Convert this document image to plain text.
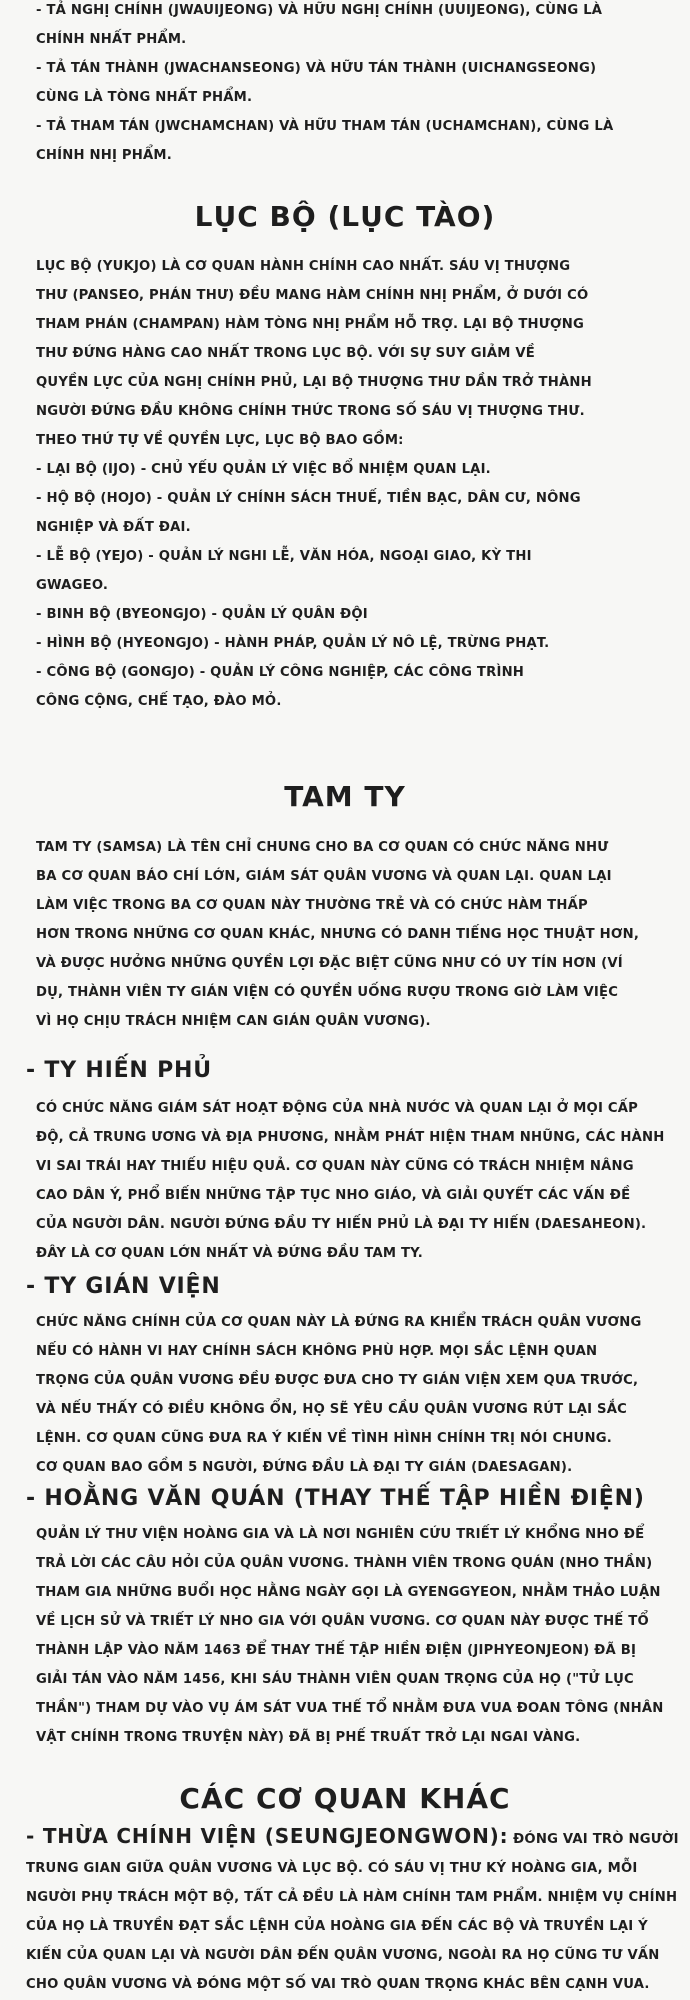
- TẢ NGHỊ CHÍNH (JWAUIJEONG) VÀ HỮU NGHỊ CHÍNH (UUIJEONG), CÙNG LÀ
CHÍNH NHẤT PHẨM.
- TẢ TÁN THÀNH (JWACHANSEONG) VÀ HỮU TÁN THÀNH (UICHANGSEONG)
CÙNG LÀ TÒNG NHẤT PHẨM.
- TẢ THAM TÁN (JWCHAMCHAN) VÀ HỮU THAM TÁN (UCHAMCHAN), CÙNG LÀ
CHÍNH NHỊ PHẨM.
LỤC BỘ (LỤC TÀO)
LỤC BỘ (YUKJO) LÀ CƠ QUAN HÀNH CHÍNH CAO NHẤT. SÁU VỊ THƯỢNG
THƯ (PANSEO, PHÁN THƯ) ĐỀU MANG HÀM CHÍNH NHỊ PHẨM, Ở DƯỚI CÓ
THAM PHÁN (CHAMPAN) HÀM TÒNG NHỊ PHẨM HỖ TRỢ. LẠI BỘ THƯỢNG
THƯ ĐỨNG HÀNG CAO NHẤT TRONG LỤC BỘ. VỚI SỰ SUY GIẢM VỀ
QUYỀN LỰC CỦA NGHỊ CHÍNH PHỦ, LẠI BỘ THƯỢNG THƯ DẦN TRỞ THÀNH
NGƯỜI ĐỨNG ĐẦU KHÔNG CHÍNH THỨC TRONG SỐ SÁU VỊ THƯỢNG THƯ.
THEO THỨ TỰ VỀ QUYỀN LỰC, LỤC BỘ BAO GỒM:
- LẠI BỘ (IJO) - CHỦ YẾU QUẢN LÝ VIỆC BỔ NHIỆM QUAN LẠI.
- HỘ BỘ (HOJO) - QUẢN LÝ CHÍNH SÁCH THUẾ, TIỀN BẠC, DÂN CƯ, NÔNG
NGHIỆP VÀ ĐẤT ĐAI.
- LỄ BỘ (YEJO) - QUẢN LÝ NGHI LỄ, VĂN HÓA, NGOẠI GIAO, KỲ THI
GWAGEO.
- BINH BỘ (BYEONGJO) - QUẢN LÝ QUÂN ĐỘI
- HÌNH BỘ (HYEONGJO) - HÀNH PHÁP, QUẢN LÝ NÔ LỆ, TRỪNG PHẠT.
- CÔNG BỘ (GONGJO) - QUẢN LÝ CÔNG NGHIỆP, CÁC CÔNG TRÌNH
CÔNG CỘNG, CHẾ TẠO, ĐÀO MỎ.
TAM TY
TAM TY (SAMSA) LÀ TÊN CHỈ CHUNG CHO BA CƠ QUAN CÓ CHỨC NĂNG NHƯ
BA CƠ QUAN BÁO CHÍ LỚN, GIÁM SÁT QUÂN VƯƠNG VÀ QUAN LẠI. QUAN LẠI
LÀM VIỆC TRONG BA CƠ QUAN NÀY THƯỜNG TRẺ VÀ CÓ CHỨC HÀM THẤP
HƠN TRONG NHỮNG CƠ QUAN KHÁC, NHƯNG CÓ DANH TIẾNG HỌC THUẬT HƠN,
VÀ ĐƯỢC HƯỞNG NHỮNG QUYỀN LỢI ĐẶC BIỆT CŨNG NHƯ CÓ UY TÍN HƠN (VÍ
DỤ, THÀNH VIÊN TY GIÁN VIỆN CÓ QUYỀN UỐNG RƯỢU TRONG GIỜ LÀM VIỆC
VÌ HỌ CHỊU TRÁCH NHIỆM CAN GIÁN QUÂN VƯƠNG).
- TY HIẾN PHỦ
CÓ CHỨC NĂNG GIÁM SÁT HOẠT ĐỘNG CỦA NHÀ NƯỚC VÀ QUAN LẠI Ở MỌI CẤP
ĐỘ, CẢ TRUNG ƯƠNG VÀ ĐỊA PHƯƠNG, NHẰM PHÁT HIỆN THAM NHŨNG, CÁC HÀNH
VI SAI TRÁI HAY THIẾU HIỆU QUẢ. CƠ QUAN NÀY CŨNG CÓ TRÁCH NHIỆM NÂNG
CAO DÂN Ý, PHỔ BIẾN NHỮNG TẬP TỤC NHO GIÁO, VÀ GIẢI QUYẾT CÁC VẤN ĐỀ
CỦA NGƯỜI DÂN. NGƯỜI ĐỨNG ĐẦU TY HIẾN PHỦ LÀ ĐẠI TY HIẾN (DAESAHEON).
ĐÂY LÀ CƠ QUAN LỚN NHẤT VÀ ĐỨNG ĐẦU TAM TY.
- TY GIÁN VIỆN
CHỨC NĂNG CHÍNH CỦA CƠ QUAN NÀY LÀ ĐỨNG RA KHIỂN TRÁCH QUÂN VƯƠNG
NẾU CÓ HÀNH VI HAY CHÍNH SÁCH KHÔNG PHÙ HỢP. MỌI SẮC LỆNH QUAN
TRỌNG CỦA QUÂN VƯƠNG ĐỀU ĐƯỢC ĐƯA CHO TY GIÁN VIỆN XEM QUA TRƯỚC,
VÀ NẾU THẤY CÓ ĐIỀU KHÔNG ỔN, HỌ SẼ YÊU CẦU QUÂN VƯƠNG RÚT LẠI SẮC
LỆNH. CƠ QUAN CŨNG ĐƯA RA Ý KIẾN VỀ TÌNH HÌNH CHÍNH TRỊ NÓI CHUNG.
CƠ QUAN BAO GỒM 5 NGƯỜI, ĐỨNG ĐẦU LÀ ĐẠI TY GIÁN (DAESAGAN).
- HOẰNG VĂN QUÁN (THAY THẾ TẬP HIỀN ĐIỆN)
QUẢN LÝ THƯ VIỆN HOÀNG GIA VÀ LÀ NƠI NGHIÊN CỨU TRIẾT LÝ KHỔNG NHO ĐỂ
TRẢ LỜI CÁC CÂU HỎI CỦA QUÂN VƯƠNG. THÀNH VIÊN TRONG QUÁN (NHO THẦN)
THAM GIA NHỮNG BUỔI HỌC HẰNG NGÀY GỌI LÀ GYENGGYEON, NHẰM THẢO LUẬN
VỀ LỊCH SỬ VÀ TRIẾT LÝ NHO GIA VỚI QUÂN VƯƠNG. CƠ QUAN NÀY ĐƯỢC THẾ TỔ
THÀNH LẬP VÀO NĂM 1463 ĐỂ THAY THẾ TẬP HIỀN ĐIỆN (JIPHYEONJEON) ĐÃ BỊ
GIẢI TÁN VÀO NĂM 1456, KHI SÁU THÀNH VIÊN QUAN TRỌNG CỦA HỌ ("TỬ LỤC
THẦN") THAM DỰ VÀO VỤ ÁM SÁT VUA THẾ TỔ NHẰM ĐƯA VUA ĐOAN TÔNG (NHÂN
VẬT CHÍNH TRONG TRUYỆN NÀY) ĐÃ BỊ PHẾ TRUẤT TRỞ LẠI NGAI VÀNG.
CÁC CƠ QUAN KHÁC
- THỪA CHÍNH VIỆN (SEUNGJEONGWON): ĐÓNG VAI TRÒ NGƯỜI
TRUNG GIAN GIỮA QUÂN VƯƠNG VÀ LỤC BỘ. CÓ SÁU VỊ THƯ KÝ HOÀNG GIA, MỖI
NGƯỜI PHỤ TRÁCH MỘT BỘ, TẤT CẢ ĐỀU LÀ HÀM CHÍNH TAM PHẨM. NHIỆM VỤ CHÍNH
CỦA HỌ LÀ TRUYỀN ĐẠT SẮC LỆNH CỦA HOÀNG GIA ĐẾN CÁC BỘ VÀ TRUYỀN LẠI Ý
KIẾN CỦA QUAN LẠI VÀ NGƯỜI DÂN ĐẾN QUÂN VƯƠNG, NGOÀI RA HỌ CŨNG TƯ VẤN
CHO QUÂN VƯƠNG VÀ ĐÓNG MỘT SỐ VAI TRÒ QUAN TRỌNG KHÁC BÊN CẠNH VUA.
